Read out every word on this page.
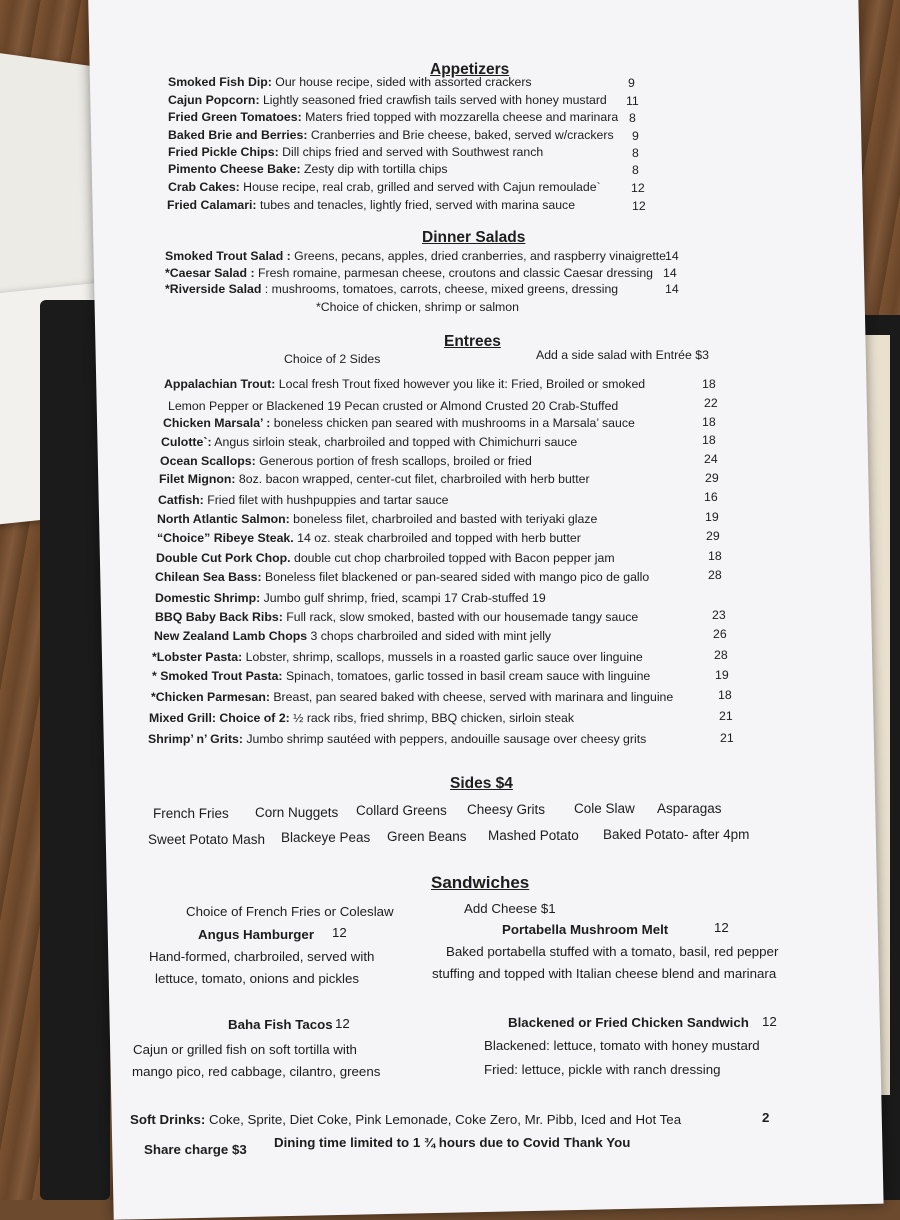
Appetizers
Smoked Fish Dip: Our house recipe, sided with assorted crackers	9
Cajun Popcorn: Lightly seasoned fried crawfish tails served with honey mustard 11
Fried Green Tomatoes: Maters fried topped with mozzarella cheese and marinara 8
Baked Brie and Berries: Cranberries and Brie cheese, baked, served w/crackers 9
Fried Pickle Chips: Dill chips fried and served with Southwest ranch	8
Pimento Cheese Bake: Zesty dip with tortilla chips	8
Crab Cakes: House recipe, real crab, grilled and served with Cajun remoulade` 12
Fried Calamari: tubes and tenacles, lightly fried, served with marina sauce	12
Dinner Salads
Smoked Trout Salad : Greens, pecans, apples, dried cranberries, and raspberry vinaigrette 14
*Caesar Salad : Fresh romaine, parmesan cheese, croutons and classic Caesar dressing 14
*Riverside Salad : mushrooms, tomatoes, carrots, cheese, mixed greens, dressing	14
*Choice of chicken, shrimp or salmon
Entrees
Choice of 2 Sides	Add a side salad with Entrée $3
Appalachian Trout: Local fresh Trout fixed however you like it: Fried, Broiled or smoked	18
Lemon Pepper or Blackened 19 Pecan crusted or Almond Crusted 20 Crab-Stuffed	22
Chicken Marsala’ : boneless chicken pan seared with mushrooms in a Marsala’ sauce	18
Culotte`: Angus sirloin steak, charbroiled and topped with Chimichurri sauce	18
Ocean Scallops: Generous portion of fresh scallops, broiled or fried	24
Filet Mignon: 8oz. bacon wrapped, center-cut filet, charbroiled with herb butter	29
Catfish: Fried filet with hushpuppies and tartar sauce	16
North Atlantic Salmon: boneless filet, charbroiled and basted with teriyaki glaze	19
“Choice” Ribeye Steak. 14 oz. steak charbroiled and topped with herb butter	29
Double Cut Pork Chop. double cut chop charbroiled topped with Bacon pepper jam	18
Chilean Sea Bass: Boneless filet blackened or pan-seared sided with mango pico de gallo	28
Domestic Shrimp: Jumbo gulf shrimp, fried, scampi 17 Crab-stuffed 19
BBQ Baby Back Ribs: Full rack, slow smoked, basted with our housemade tangy sauce	23
New Zealand Lamb Chops 3 chops charbroiled and sided with mint jelly	26
*Lobster Pasta: Lobster, shrimp, scallops, mussels in a roasted garlic sauce over linguine	28
* Smoked Trout Pasta: Spinach, tomatoes, garlic tossed in basil cream sauce with linguine	19
*Chicken Parmesan: Breast, pan seared baked with cheese, served with marinara and linguine	18
Mixed Grill: Choice of 2: ½ rack ribs, fried shrimp, BBQ chicken, sirloin steak	21
Shrimp’ n’ Grits: Jumbo shrimp sautéed with peppers, andouille sausage over cheesy grits	21
Sides $4
French Fries Corn Nuggets Collard Greens Cheesy Grits Cole Slaw Asparagas
Sweet Potato Mash Blackeye Peas Green Beans Mashed Potato Baked Potato- after 4pm
Sandwiches
Choice of French Fries or Coleslaw	Add Cheese $1
Angus Hamburger 12
Hand-formed, charbroiled, served with
lettuce, tomato, onions and pickles
Portabella Mushroom Melt	12
Baked portabella stuffed with a tomato, basil, red pepper
stuffing and topped with Italian cheese blend and marinara
Baha Fish Tacos 12
Cajun or grilled fish on soft tortilla with
mango pico, red cabbage, cilantro, greens
Blackened or Fried Chicken Sandwich 12
Blackened: lettuce, tomato with honey mustard
Fried: lettuce, pickle with ranch dressing
Soft Drinks: Coke, Sprite, Diet Coke, Pink Lemonade, Coke Zero, Mr. Pibb, Iced and Hot Tea	2
Share charge $3 Dining time limited to 1 ¾ hours due to Covid Thank You
